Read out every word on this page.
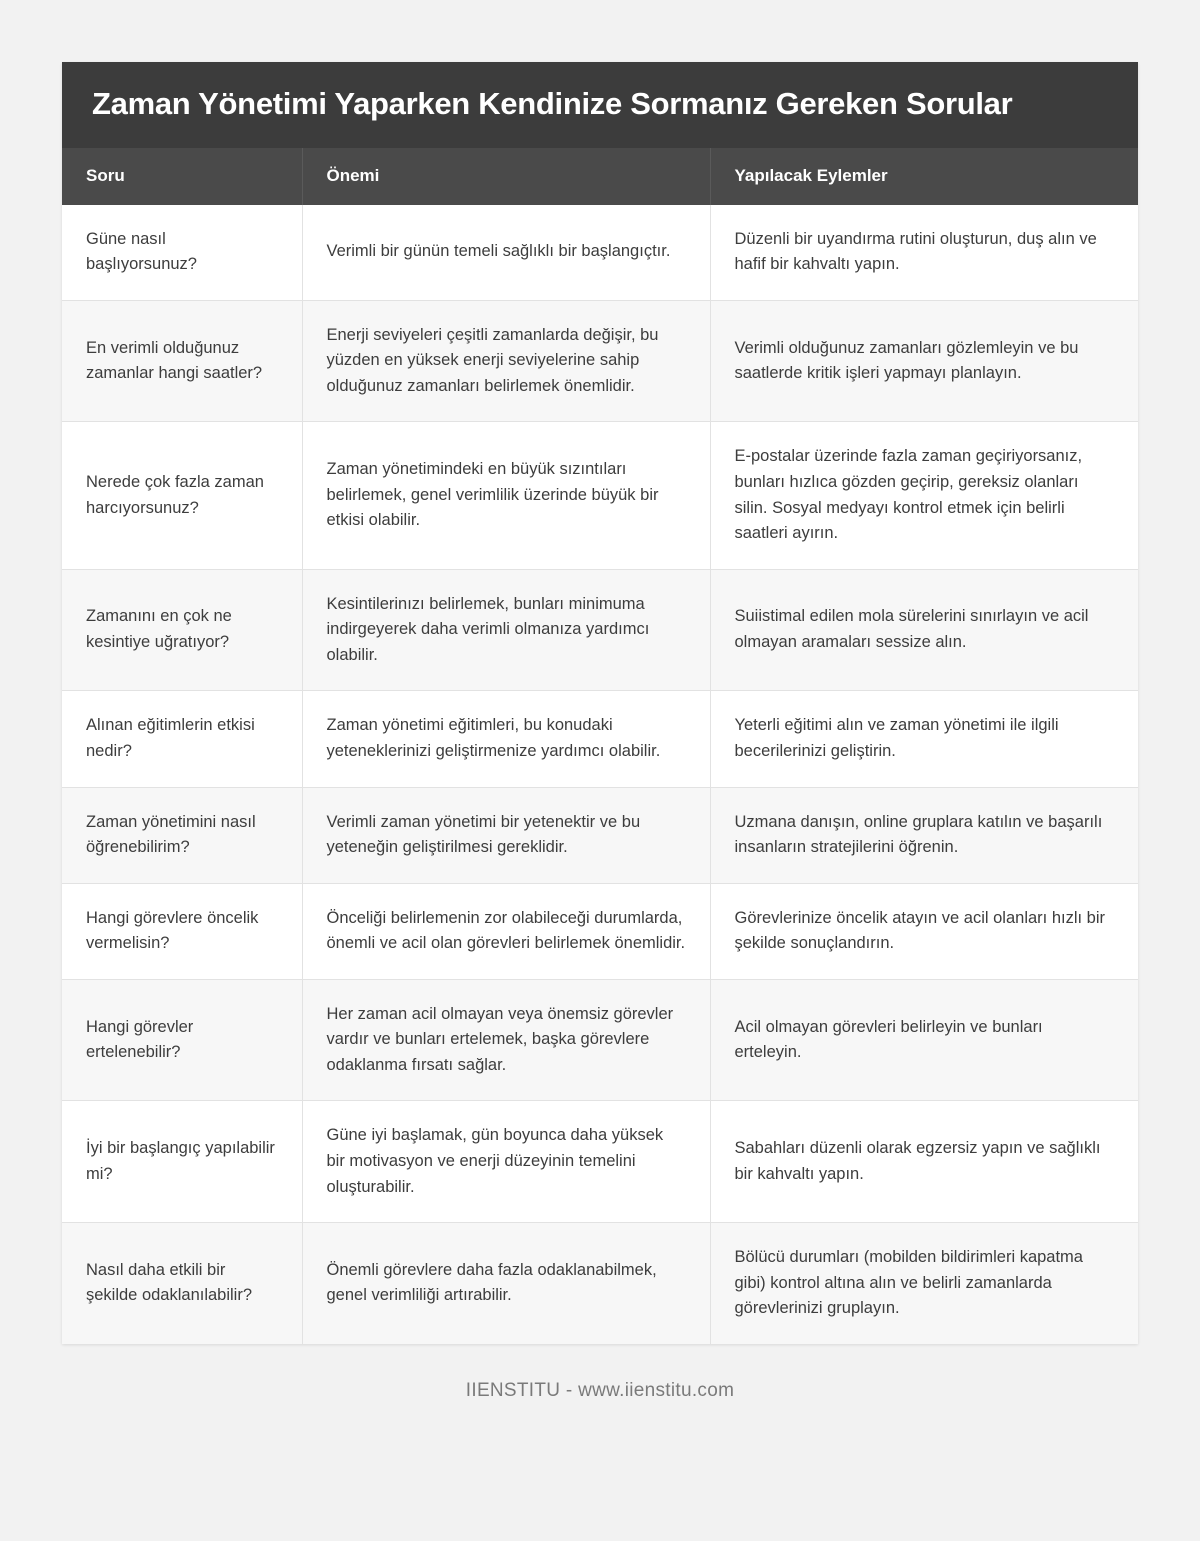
Zaman Yönetimi Yaparken Kendinize Sormanız Gereken Sorular
Soru	Önemi	Yapılacak Eylemler
Güne nasıl başlıyorsunuz?	Verimli bir günün temeli sağlıklı bir başlangıçtır.	Düzenli bir uyandırma rutini oluşturun, duş alın ve hafif bir kahvaltı yapın.
En verimli olduğunuz zamanlar hangi saatler?	Enerji seviyeleri çeşitli zamanlarda değişir, bu yüzden en yüksek enerji seviyelerine sahip olduğunuz zamanları belirlemek önemlidir.	Verimli olduğunuz zamanları gözlemleyin ve bu saatlerde kritik işleri yapmayı planlayın.
Nerede çok fazla zaman harcıyorsunuz?	Zaman yönetimindeki en büyük sızıntıları belirlemek, genel verimlilik üzerinde büyük bir etkisi olabilir.	E-postalar üzerinde fazla zaman geçiriyorsanız, bunları hızlıca gözden geçirip, gereksiz olanları silin. Sosyal medyayı kontrol etmek için belirli saatleri ayırın.
Zamanını en çok ne kesintiye uğratıyor?	Kesintilerinızı belirlemek, bunları minimuma indirgeyerek daha verimli olmanıza yardımcı olabilir.	Suiistimal edilen mola sürelerini sınırlayın ve acil olmayan aramaları sessize alın.
Alınan eğitimlerin etkisi nedir?	Zaman yönetimi eğitimleri, bu konudaki yeteneklerinizi geliştirmenize yardımcı olabilir.	Yeterli eğitimi alın ve zaman yönetimi ile ilgili becerilerinizi geliştirin.
Zaman yönetimini nasıl öğrenebilirim?	Verimli zaman yönetimi bir yetenektir ve bu yeteneğin geliştirilmesi gereklidir.	Uzmana danışın, online gruplara katılın ve başarılı insanların stratejilerini öğrenin.
Hangi görevlere öncelik vermelisin?	Önceliği belirlemenin zor olabileceği durumlarda, önemli ve acil olan görevleri belirlemek önemlidir.	Görevlerinize öncelik atayın ve acil olanları hızlı bir şekilde sonuçlandırın.
Hangi görevler ertelenebilir?	Her zaman acil olmayan veya önemsiz görevler vardır ve bunları ertelemek, başka görevlere odaklanma fırsatı sağlar.	Acil olmayan görevleri belirleyin ve bunları erteleyin.
İyi bir başlangıç yapılabilir mi?	Güne iyi başlamak, gün boyunca daha yüksek bir motivasyon ve enerji düzeyinin temelini oluşturabilir.	Sabahları düzenli olarak egzersiz yapın ve sağlıklı bir kahvaltı yapın.
Nasıl daha etkili bir şekilde odaklanılabilir?	Önemli görevlere daha fazla odaklanabilmek, genel verimliliği artırabilir.	Bölücü durumları (mobilden bildirimleri kapatma gibi) kontrol altına alın ve belirli zamanlarda görevlerinizi gruplayın.
IIENSTITU - www.iienstitu.com
